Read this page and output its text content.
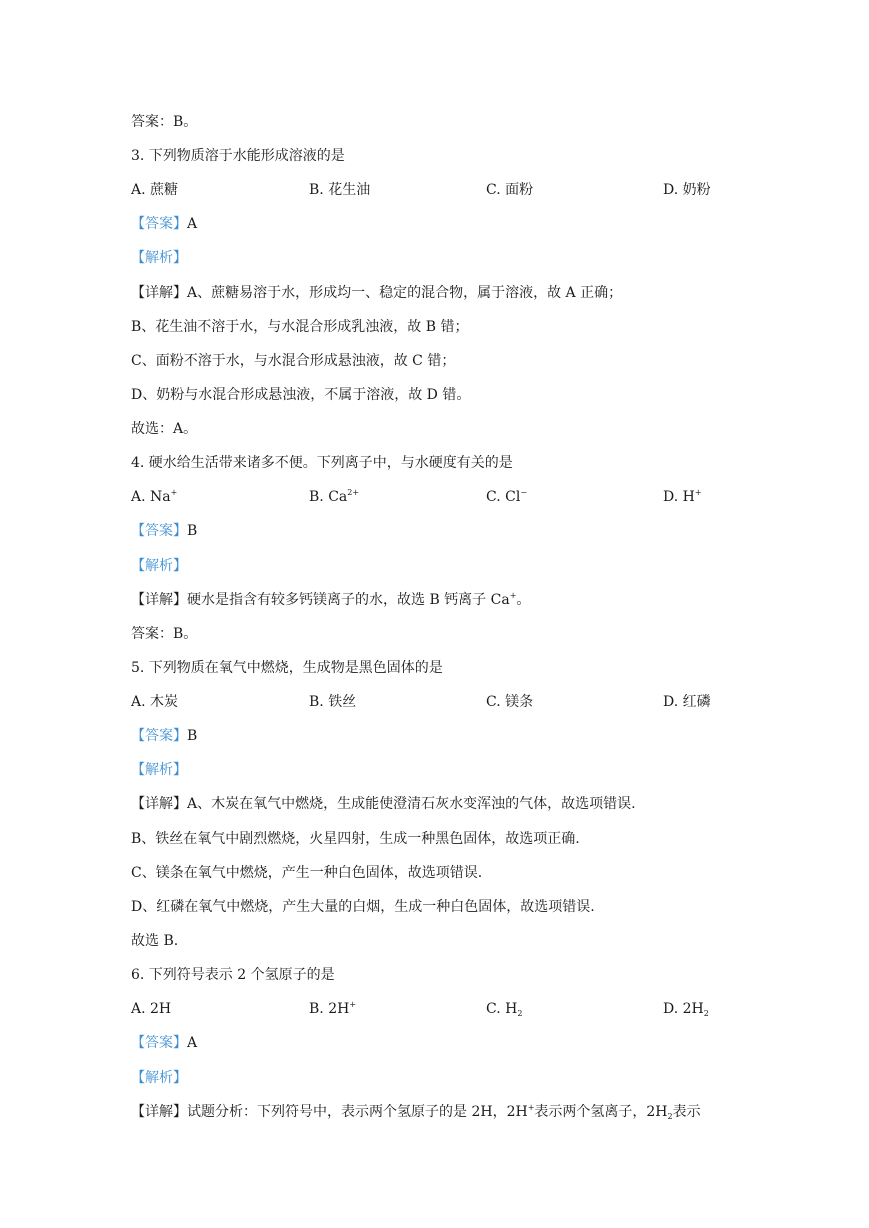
答案：B。
3. 下列物质溶于水能形成溶液的是
A. 蔗糖	B. 花生油	C. 面粉	D. 奶粉
【答案】A
【解析】
【详解】A、蔗糖易溶于水，形成均一、稳定的混合物，属于溶液，故 A 正确；
B、花生油不溶于水，与水混合形成乳浊液，故 B 错；
C、面粉不溶于水，与水混合形成悬浊液，故 C 错；
D、奶粉与水混合形成悬浊液，不属于溶液，故 D 错。
故选：A。
4. 硬水给生活带来诸多不便。下列离子中，与水硬度有关的是
A. Na+	B. $Ca^{2+}$	C. Cl−	D. H+
【答案】B
【解析】
【详解】硬水是指含有较多钙镁离子的水，故选 B 钙离子 Ca+。
答案：B。
5. 下列物质在氧气中燃烧，生成物是黑色固体的是
A. 木炭	B. 铁丝	C. 镁条	D. 红磷
【答案】B
【解析】
【详解】A、木炭在氧气中燃烧，生成能使澄清石灰水变浑浊的气体，故选项错误.
B、铁丝在氧气中剧烈燃烧，火星四射，生成一种黑色固体，故选项正确.
C、镁条在氧气中燃烧，产生一种白色固体，故选项错误.
D、红磷在氧气中燃烧，产生大量的白烟，生成一种白色固体，故选项错误.
故选 B.
6. 下列符号表示 2 个氢原子的是
A. 2H	B. 2H+	C. $H_2$	D. $2H_2$
【答案】A
【解析】
【详解】试题分析：下列符号中，表示两个氢原子的是 2H，2H+表示两个氢离子，$2H_2$表示
